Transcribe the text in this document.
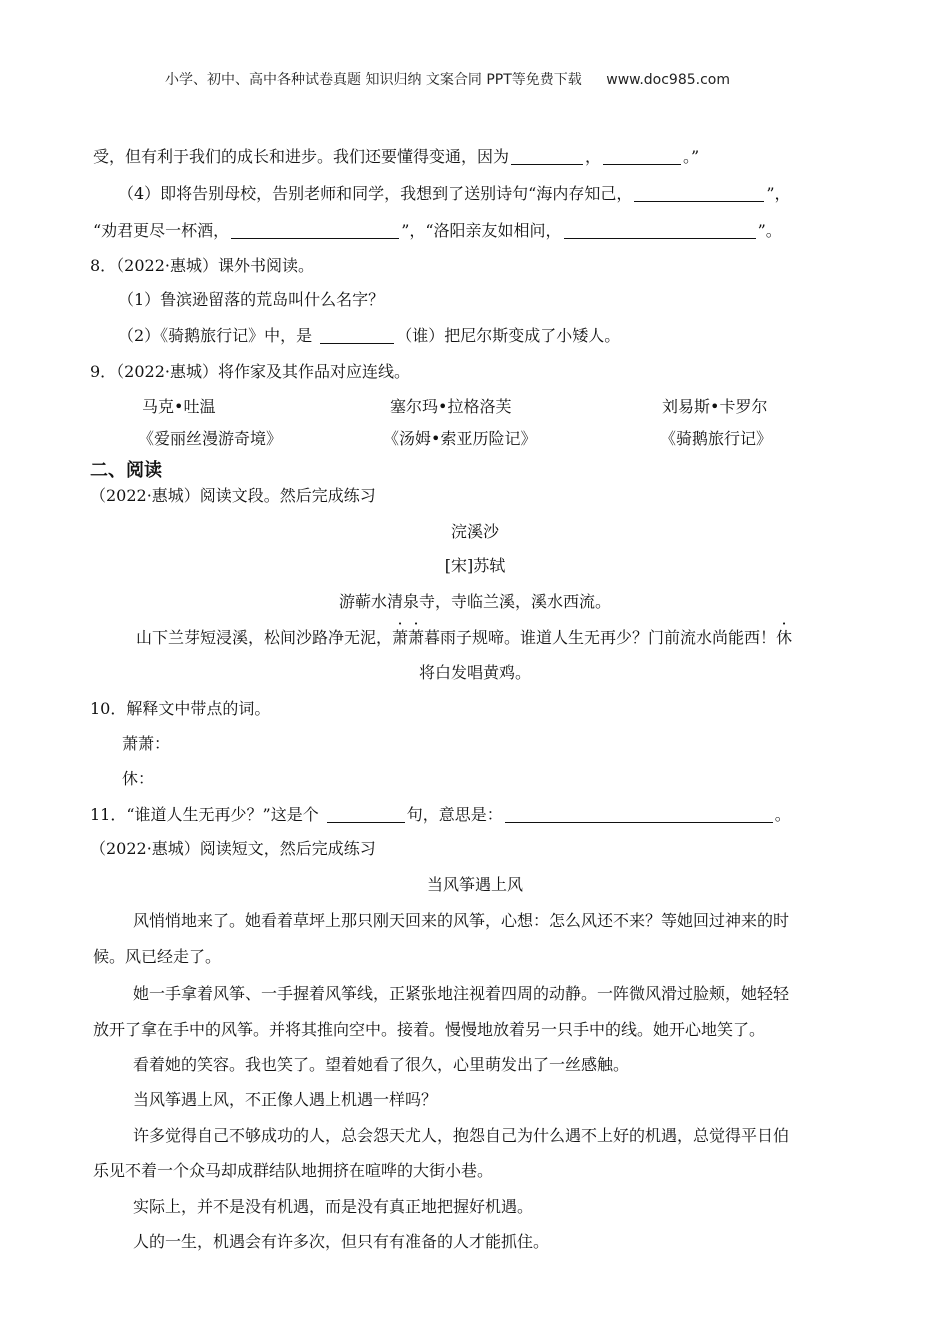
小学、初中、高中各种试卷真题 知识归纳 文案合同 PPT等免费下载 www.doc985.com
受，但有利于我们的成长和进步。我们还要懂得变通，因为	，	。”
（4）即将告别母校，告别老师和同学，我想到了送别诗句“海内存知己，	”，
“劝君更尽一杯酒，	”，“洛阳亲友如相问，	”。
8．（2022·惠城）课外书阅读。
（1）鲁滨逊留落的荒岛叫什么名字？
（2）《骑鹅旅行记》中，是	（谁）把尼尔斯变成了小矮人。
9．（2022·惠城）将作家及其作品对应连线。
马克•吐温	塞尔玛•拉格洛芙	刘易斯•卡罗尔
《爱丽丝漫游奇境》	《汤姆•索亚历险记》	《骑鹅旅行记》
二、阅读
（2022·惠城）阅读文段。然后完成练习
浣溪沙
[宋]苏轼
游蕲水清泉寺，寺临兰溪，溪水西流。
山下兰芽短浸溪，松间沙路净无泥，萧萧暮雨子规啼。谁道人生无再少？门前流水尚能西！休
将白发唱黄鸡。
10．解释文中带点的词。
萧萧：
休：
11．“谁道人生无再少？”这是个	句，意思是：	。
（2022·惠城）阅读短文，然后完成练习
当风筝遇上风
风悄悄地来了。她看着草坪上那只刚天回来的风筝，心想：怎么风还不来？等她回过神来的时
候。风已经走了。
她一手拿着风筝、一手握着风筝线，正紧张地注视着四周的动静。一阵微风滑过脸颊，她轻轻
放开了拿在手中的风筝。并将其推向空中。接着。慢慢地放着另一只手中的线。她开心地笑了。
看着她的笑容。我也笑了。望着她看了很久，心里萌发出了一丝感触。
当风筝遇上风，不正像人遇上机遇一样吗？
许多觉得自己不够成功的人，总会怨天尤人，抱怨自己为什么遇不上好的机遇，总觉得平日伯
乐见不着一个众马却成群结队地拥挤在喧哗的大街小巷。
实际上，并不是没有机遇，而是没有真正地把握好机遇。
人的一生，机遇会有许多次，但只有有准备的人才能抓住。
